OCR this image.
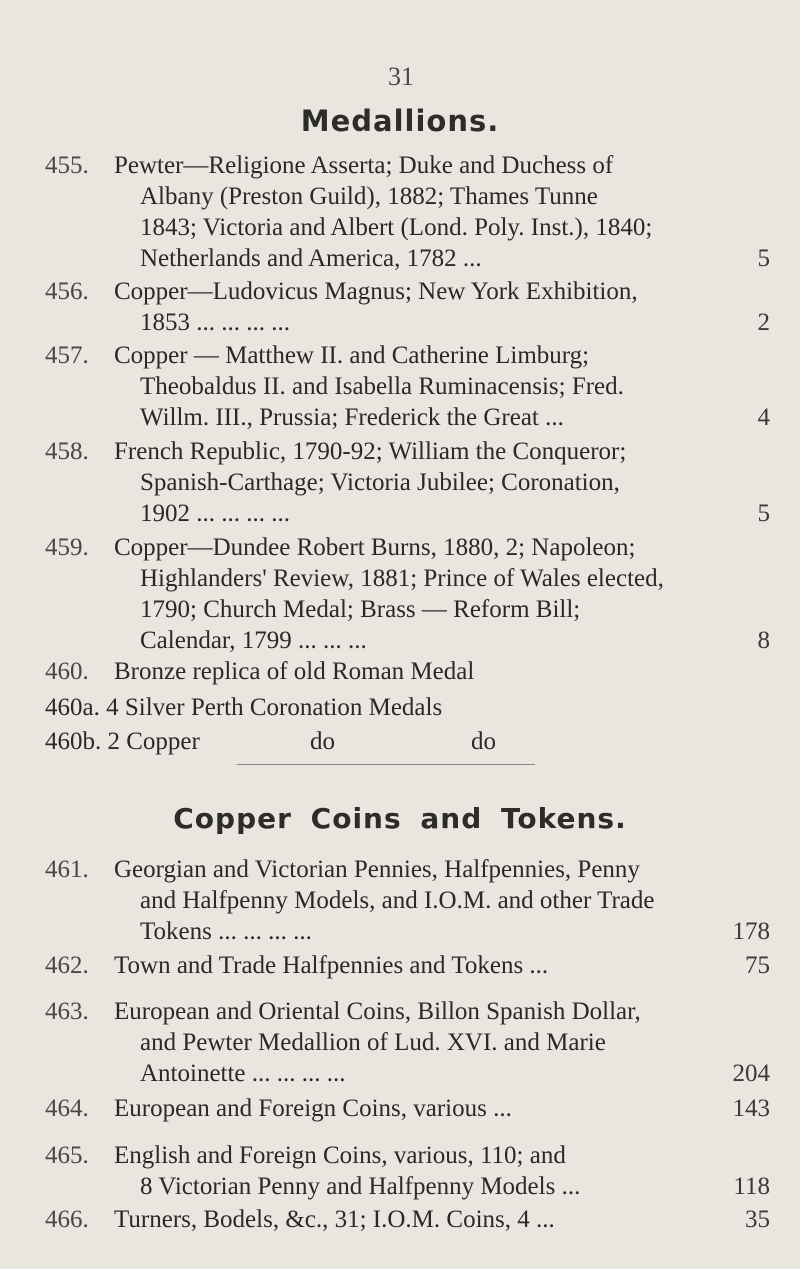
31
Medallions.
455. Pewter—Religione Asserta; Duke and Duchess of
Albany (Preston Guild), 1882; Thames Tunne
1843; Victoria and Albert (Lond. Poly. Inst.), 1840;
Netherlands and America, 1782 ...	5
456. Copper—Ludovicus Magnus; New York Exhibition,
1853 ... ... ... ...	2
457. Copper — Matthew II. and Catherine Limburg;
Theobaldus II. and Isabella Ruminacensis; Fred.
Willm. III., Prussia; Frederick the Great ...	4
458. French Republic, 1790-92; William the Conqueror;
Spanish-Carthage; Victoria Jubilee; Coronation,
1902 ... ... ... ...	5
459. Copper—Dundee Robert Burns, 1880, 2; Napoleon;
Highlanders' Review, 1881; Prince of Wales elected,
1790; Church Medal; Brass — Reform Bill;
Calendar, 1799 ... ... ...	8
460. Bronze replica of old Roman Medal
460a. 4 Silver Perth Coronation Medals
460b. 2 Copper	do	do
Copper Coins and Tokens.
461. Georgian and Victorian Pennies, Halfpennies, Penny
and Halfpenny Models, and I.O.M. and other Trade
Tokens ... ... ... ...	178
462. Town and Trade Halfpennies and Tokens ...	75
463. European and Oriental Coins, Billon Spanish Dollar,
and Pewter Medallion of Lud. XVI. and Marie
Antoinette ... ... ... ...	204
464. European and Foreign Coins, various ...	143
465. English and Foreign Coins, various, 110; and
8 Victorian Penny and Halfpenny Models ...	118
466. Turners, Bodels, &c., 31; I.O.M. Coins, 4 ...	35
